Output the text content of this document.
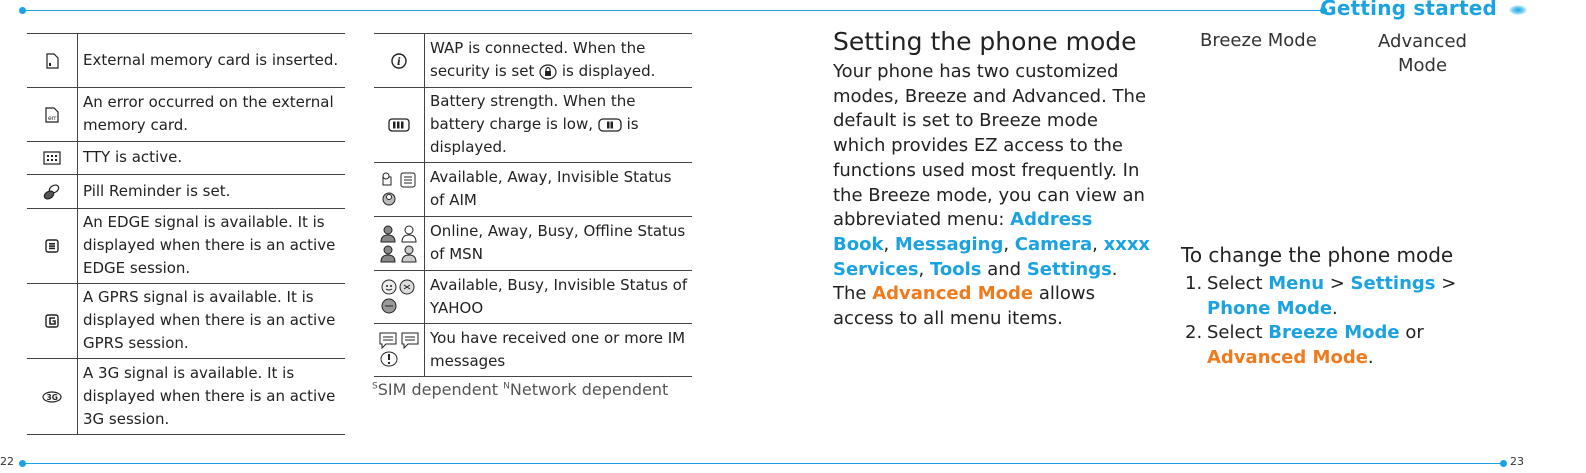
Getting started
22	23
	External memory card is inserted.

err	An error occurred on the external memory card.
	TTY is active.
	Pill Reminder is set.
	An EDGE signal is available. It is displayed when there is an active EDGE session.
	A GPRS signal is available. It is displayed when there is an active GPRS session.

3G	A 3G signal is available. It is displayed when there is an active 3G session.
i	WAP is connected. When the security is set  is displayed.
	Battery strength. When the battery charge is low,  is displayed.
	Available, Away, Invisible Status of AIM
	Online, Away, Busy, Offline Status of MSN
	Available, Busy, Invisible Status of YAHOO
	You have received one or more IM messages
$^S$SIM dependent $^N$Network dependent
Setting the phone mode
Your phone has two customized modes, Breeze and Advanced. The default is set to Breeze mode which provides EZ access to the functions used most frequently. In the Breeze mode, you can view an abbreviated menu: Address Book, Messaging, Camera, xxxx Services, Tools and Settings. The Advanced Mode allows access to all menu items.
Breeze Mode	Advanced Mode
To change the phone mode
1. Select Menu > Settings > Phone Mode.
2. Select Breeze Mode or Advanced Mode.
